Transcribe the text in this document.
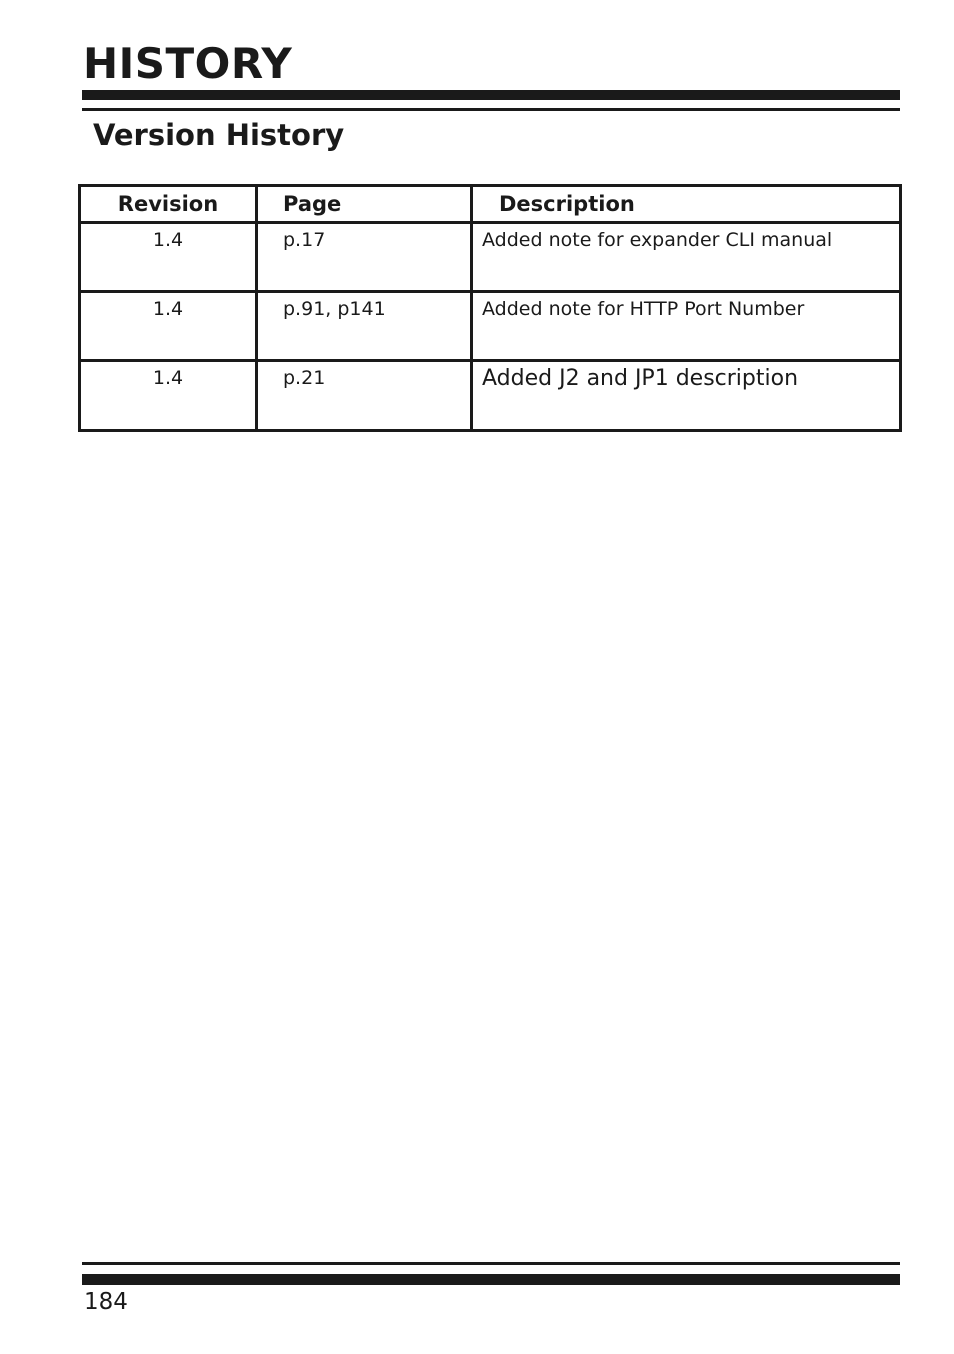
HISTORY
Version History
Revision	Page	Description
1.4	p.17	Added note for expander CLI manual
1.4	p.91, p141	Added note for HTTP Port Number
1.4	p.21	Added J2 and JP1 description
184
